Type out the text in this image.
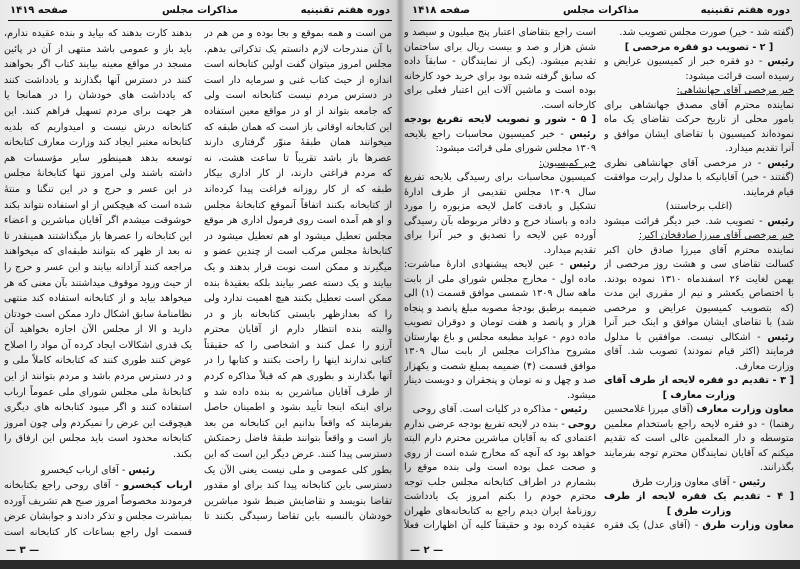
دوره هفتم تقنینیه
مذاکرات مجلس
صفحه ۱۴۱۹
من است و همه بموقع و بجا بوده و من هم در
با آن مندرجات لازم دانستم یک تذکراتی بدهم.
مجلس امروز میتوان گفت اولین کتابخانه است
اندازه از حیث کتاب غنی و سرمایه دار است
در دسترس مردم نیست کتابخانه است ولی
که جامعه بتواند از او در مواقع معین استفاده
این کتابخانه اوقاتی باز است که همان طبقه که
میخوانند همان طبقهٔ منوّر گرفتاری دارند
عصرها باز باشد تقریباً تا ساعت هشت، نه
که مردم فراغتی دارند، از کار اداری بیکار
طبقه که از کار روزانه فراغت پیدا کرده‌اند
از کتابخانه بکنند اتفاقاً آنموقع کتابخانهٔ مجلس
و او هم آمده است روی فرمول اداری هر موقع
مجلس تعطیل میشود او هم تعطیل میشود در
کتابخانهٔ مجلس مرکب است از چندین عضو و
میگیرند و ممکن است نوبت قرار بدهند و یک
بیایند و یک دسته عصر بیایند بلکه بعقیدهٔ بنده
ممکن است تعطیل بکنند هیچ اهمیت ندارد ولی
را که بعدازظهر بایستی کتابخانه باز و در
والبته بنده انتظار دارم از آقایان محترم
آرزو را عمل کنند و اشخاصی را که حقیقتاً
کتابی ندارند اینها را راحت بکنند و کتابها را در
آنها بگذارند و بطوری هم که قبلاً مذاکره کردم
از طرف آقایان مباشرین به بنده داده شد و
برای اینکه اینجا تأیید بشود و اطمینان حاصل
بفرمایند که واقعاً بدانیم این کتابخانه من بعد
باز است و واقعاً بتوانند طبقهٔ فاضل زحمتکش
دسترسی پیدا کنند. عرض دیگر این است که این
بطور کلی عمومی و ملی نیست یعنی الآن یک
دسترسی باین کتابخانه پیدا کند برای او مقدور
تقاضا بنویسد و تقاضایش ضبط شود مباشرین
خودشان بالنسبه باین تقاضا رسیدگی بکنند تا
بدهند کارت بدهند که بیاید و بنده عقیده ندارم،
باید باز و عمومی باشد منتهی از آن در پائین
مسجد در مواقع معینه بیایند کتاب اگر بخواهند
کنند در دسترس آنها بگذارند و یادداشت کنند
که یادداشت های خودشان را در همانجا یا
هر جهت برای مردم تسهیل فراهم کنند. این
کتابخانه درش نیست و امیدواریم که بلدیه
کتابخانه معتبر ایجاد کند وزارت معارف کتابخانه
توسعه بدهد همینطور سایر مؤسسات هم
داشته باشند ولی امروز تنها کتابخانهٔ مجلس
در این عسر و حرج و در این تنگنا و منتهٔ
شده است که هیچکس از او استفاده نتواند بکند
خوشوقت میشدم اگر آقایان مباشرین و اعضاء
این کتابخانه را عصرها باز میگذاشتند همینقدر تا
نه بعد از ظهر که بتوانند طبقه‌ای که میخواهند
مراجعه کنند آزادانه بیایند و این عسر و حرج را
از حیث ورود موقوف میداشتند بآن معنی که هر
میخواهد بیاید و از کتابخانه استفاده کند منتهی
نظامنامهٔ سابق اشکال دارد ممکن است خودتان
دارید و الا از مجلس الآن اجازه بخواهید آن
یک قدری اشکالات ایجاد کرده آن مواد را اصلاح
عوض کنند طوری کنند که کتابخانه کاملاً ملی و
و در دسترس مردم باشد و مردم بتوانند از این
کتابخانهٔ ملی مجلس شورای ملی عموماً ارباب
استفاده کنند و اگر میبود کتابخانه های دیگری
هیچوقت این عرض را نمیکردم ولی چون امروز
کتابخانه محدود است باید مجلس این ارفاق را
بکند.
رئیس - آقای ارباب کیخسرو
ارباب کیخسرو - آقای روحی راجع بکتابخانه
فرمودند مخصوصاً امروز صبح هم تشریف آورده
بمباشرت مجلس و تذکر دادند و جوابشان عرض
قسمت اول راجع بساعات کار کتابخانه است
— ۳ —
دوره هفتم تقنینیه
مذاکرات مجلس
صفحه ۱۴۱۸
(گفته شد - خیر) صورت مجلس تصویب شد.
[ ۲ - تصویب دو فقره مرخصی ]
رئیس - دو فقره خبر از کمیسیون عرایض و
رسیده است قرائت میشود:
خبر مرخصی آقای جهانشاهی:
نماینده محترم آقای مصدق جهانشاهی برای
بامور محلی از تاریخ حرکت تقاضای یک ماه
نموده‌اند کمیسیون با تقاضای ایشان موافق و
آنرا تقدیم میدارد.
رئیس - در مرخصی آقای جهانشاهی نظری
(گفتند - خیر) آقایانیکه با مدلول راپرت موافقت
قیام فرمایند.
(اغلب برخاستند)
رئیس - تصویب شد. خبر دیگر قرائت میشود
خبر مرخصی آقای میرزا صادقخان اکبر:
نماینده محترم آقای میرزا صادق خان اکبر
کسالت تقاضای سی و هشت روز مرخصی از
بهمن لغایت ۲۶ اسفندماه ۱۳۱۰ نموده بودند.
با اختصاص یکعشر و نیم از مقرری این مدت
(که بتصویب کمیسیون عرایض و مرخصی
شد) با تقاضای ایشان موافق و اینک خبر آنرا
رئیس - اشکالی نیست. موافقین با مدلول
فرمایند (اکثر قیام نمودند) تصویب شد. آقای
وزارت معارف.
[ ۳ - تقدیم دو فقره لایحه از طرف آقای
وزارت معارف ]
معاون وزارت معارف (آقای میرزا غلامحسین
رهنما) - دو فقره لایحه راجع باستخدام معلمین
متوسطه و دار المعلمین عالی است که تقدیم
میکنم که آقایان نمایندگان محترم توجه بفرمایند
بگذرانند.
رئیس - آقای معاون وزارت طرق
[ ۴ - تقدیم یک فقره لایحه از طرف
وزارت طرق ]
معاون وزارت طرق - (آقای عدل) یک فقره
است راجع بتقاضای اعتبار پنج میلیون و سیصد و
شش هزار و صد و بیست ریال برای ساختمان
تقدیم میشود. (یکی از نمایندگان - سابقاً داده
که سابق گرفته شده بود برای خرید خود کارخانه
بوده است و ماشین آلات این اعتبار فعلی برای
کارخانه است.
[ ۵ - شور و تصویب لایحه تفریغ بودجه
رئیس - خبر کمیسیون محاسبات راجع بلایحه
۱۳۰۹ مجلس شورای ملی قرائت میشود:
خبر کمیسیون:
کمیسیون محاسبات برای رسیدگی بلایحه تفریغ
سال ۱۳۰۹ مجلس تقدیمی از طرف ادارهٔ
تشکیل و بادقت کامل لایحه مزبوره را مورد
داده و باسناد خرج و دفاتر مربوطه بآن رسیدگی
آورده عین لایحه را تصدیق و خبر آنرا برای
تقدیم میدارد.
رئیس - عین لایحه پیشنهادی ادارهٔ مباشرت:
ماده اول - مخارج مجلس شورای ملی از بابت
ماهه سال ۱۳۰۹ شمسی موافق قسمت (۱) الی
ضمیمه برطبق بودجهٔ مصوبه مبلغ پانصد و پنجاه
هزار و پانصد و هفت تومان و دوقران تصویب
ماده دوم - عواید مطبعه مجلس و باغ بهارستان
مشروح مذاکرات مجلس از بابت سال ۱۳۰۹
موافق قسمت (۴) ضمیمه بمبلغ شصت و یکهزار
صد و چهل و نه تومان و پنجقران و دویست دینار
میشود.
رئیس - مذاکره در کلیات است. آقای روحی
روحی - بنده در لایحه تفریغ بودجه عرضی ندارم
اعتمادی که به آقایان مباشرین محترم دارم البته
خواهد بود که آنچه که مخارج شده است از روی
و صحت عمل بوده است ولی بنده موقع را
بشمارم در اطراف کتابخانه مجلس جلب توجه
محترم خودم را بکنم امروز یک یادداشت
روزنامهٔ ایران دیدم راجع به کتابخانه‌های طهران
عقیده کرده بود و حقیقتاً کلیه آن اظهارات فعلاً
— ۲ —
